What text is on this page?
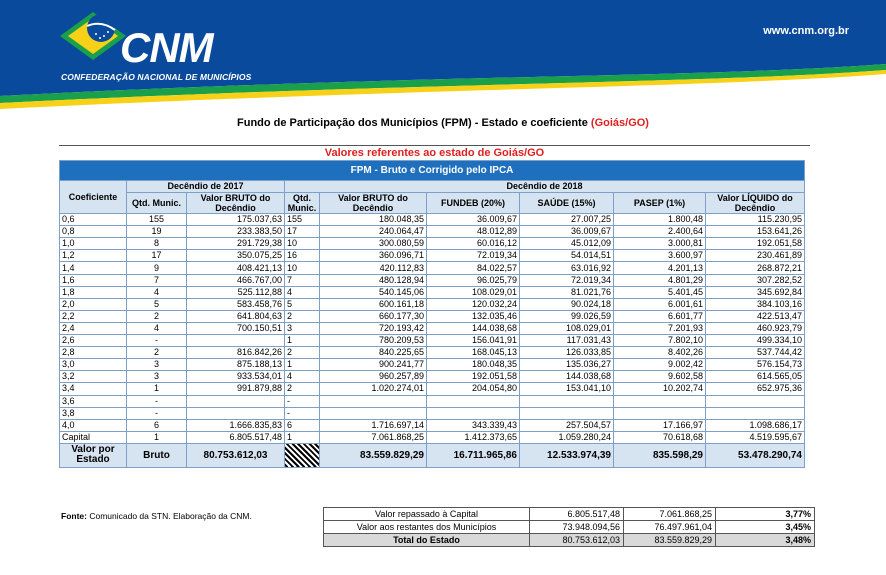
CNM
CONFEDERAÇÃO NACIONAL DE MUNICÍPIOS
www.cnm.org.br
Fundo de Participação dos Municípios (FPM) - Estado e coeficiente (Goiás/GO)
Valores referentes ao estado de Goiás/GO
FPM - Bruto e Corrigido pelo IPCA								
Coeficiente	Decêndio de 2017		Decêndio de 2018					
	Qtd. Munic.	Valor BRUTO do Decêndio	Qtd. Munic.	Valor BRUTO do Decêndio	FUNDEB (20%)	SAÚDE (15%)	PASEP (1%)	Valor LÍQUIDO do Decêndio
0,6	155	175.037,63	155	180.048,35	36.009,67	27.007,25	1.800,48	115.230,95
0,8	19	233.383,50	17	240.064,47	48.012,89	36.009,67	2.400,64	153.641,26
1,0	8	291.729,38	10	300.080,59	60.016,12	45.012,09	3.000,81	192.051,58
1,2	17	350.075,25	16	360.096,71	72.019,34	54.014,51	3.600,97	230.461,89
1,4	9	408.421,13	10	420.112,83	84.022,57	63.016,92	4.201,13	268.872,21
1,6	7	466.767,00	7	480.128,94	96.025,79	72.019,34	4.801,29	307.282,52
1,8	4	525.112,88	4	540.145,06	108.029,01	81.021,76	5.401,45	345.692,84
2,0	5	583.458,76	5	600.161,18	120.032,24	90.024,18	6.001,61	384.103,16
2,2	2	641.804,63	2	660.177,30	132.035,46	99.026,59	6.601,77	422.513,47
2,4	4	700.150,51	3	720.193,42	144.038,68	108.029,01	7.201,93	460.923,79
2,6	-		1	780.209,53	156.041,91	117.031,43	7.802,10	499.334,10
2,8	2	816.842,26	2	840.225,65	168.045,13	126.033,85	8.402,26	537.744,42
3,0	3	875.188,13	1	900.241,77	180.048,35	135.036,27	9.002,42	576.154,73
3,2	3	933.534,01	4	960.257,89	192.051,58	144.038,68	9.602,58	614.565,05
3,4	1	991.879,88	2	1.020.274,01	204.054,80	153.041,10	10.202,74	652.975,36
3,6	-		-					
3,8	-		-					
4,0	6	1.666.835,83	6	1.716.697,14	343.339,43	257.504,57	17.166,97	1.098.686,17
Capital	1	6.805.517,48	1	7.061.868,25	1.412.373,65	1.059.280,24	70.618,68	4.519.595,67
Valor por Estado	Bruto	80.753.612,03		83.559.829,29	16.711.965,86	12.533.974,39	835.598,29	53.478.290,74
Fonte: Comunicado da STN. Elaboração da CNM.	Valor repassado à Capital	6.805.517,48	7.061.868,25	3,77%
Valor aos restantes dos Municípios	73.948.094,56	76.497.961,04	3,45%
Total do Estado	80.753.612,03	83.559.829,29	3,48%
